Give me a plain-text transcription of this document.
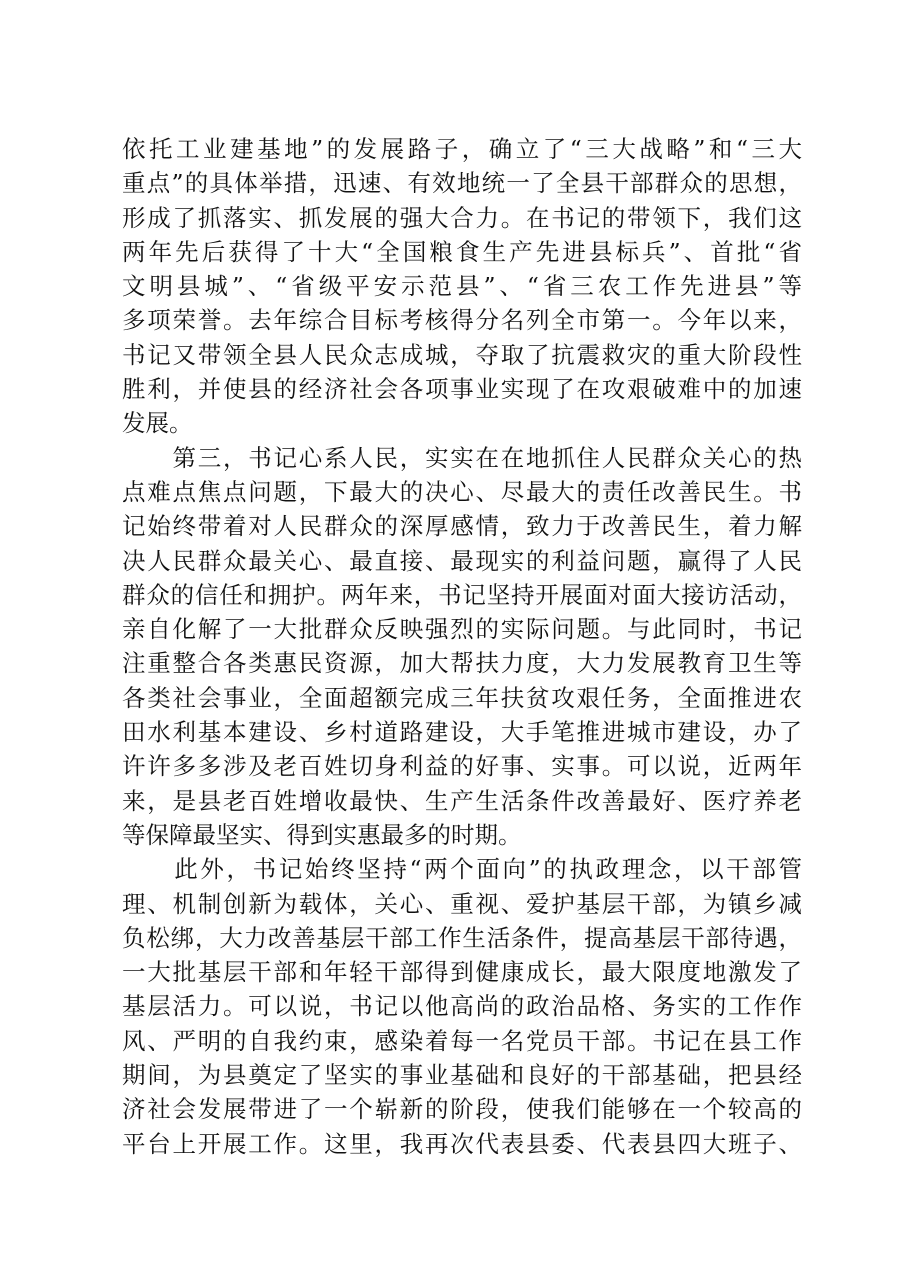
依托工业建基地”的发展路子，确立了“三大战略”和“三大
重点”的具体举措，迅速、有效地统一了全县干部群众的思想，
形成了抓落实、抓发展的强大合力。在书记的带领下，我们这
两年先后获得了十大“全国粮食生产先进县标兵”、首批“省
文明县城”、“省级平安示范县”、“省三农工作先进县”等
多项荣誉。去年综合目标考核得分名列全市第一。今年以来，
书记又带领全县人民众志成城，夺取了抗震救灾的重大阶段性
胜利，并使县的经济社会各项事业实现了在攻艰破难中的加速
发展。
　　第三，书记心系人民，实实在在地抓住人民群众关心的热
点难点焦点问题，下最大的决心、尽最大的责任改善民生。书
记始终带着对人民群众的深厚感情，致力于改善民生，着力解
决人民群众最关心、最直接、最现实的利益问题，赢得了人民
群众的信任和拥护。两年来，书记坚持开展面对面大接访活动，
亲自化解了一大批群众反映强烈的实际问题。与此同时，书记
注重整合各类惠民资源，加大帮扶力度，大力发展教育卫生等
各类社会事业，全面超额完成三年扶贫攻艰任务，全面推进农
田水利基本建设、乡村道路建设，大手笔推进城市建设，办了
许许多多涉及老百姓切身利益的好事、实事。可以说，近两年
来，是县老百姓增收最快、生产生活条件改善最好、医疗养老
等保障最坚实、得到实惠最多的时期。
　　此外，书记始终坚持“两个面向”的执政理念，以干部管
理、机制创新为载体，关心、重视、爱护基层干部，为镇乡减
负松绑，大力改善基层干部工作生活条件，提高基层干部待遇，
一大批基层干部和年轻干部得到健康成长，最大限度地激发了
基层活力。可以说，书记以他高尚的政治品格、务实的工作作
风、严明的自我约束，感染着每一名党员干部。书记在县工作
期间，为县奠定了坚实的事业基础和良好的干部基础，把县经
济社会发展带进了一个崭新的阶段，使我们能够在一个较高的
平台上开展工作。这里，我再次代表县委、代表县四大班子、
